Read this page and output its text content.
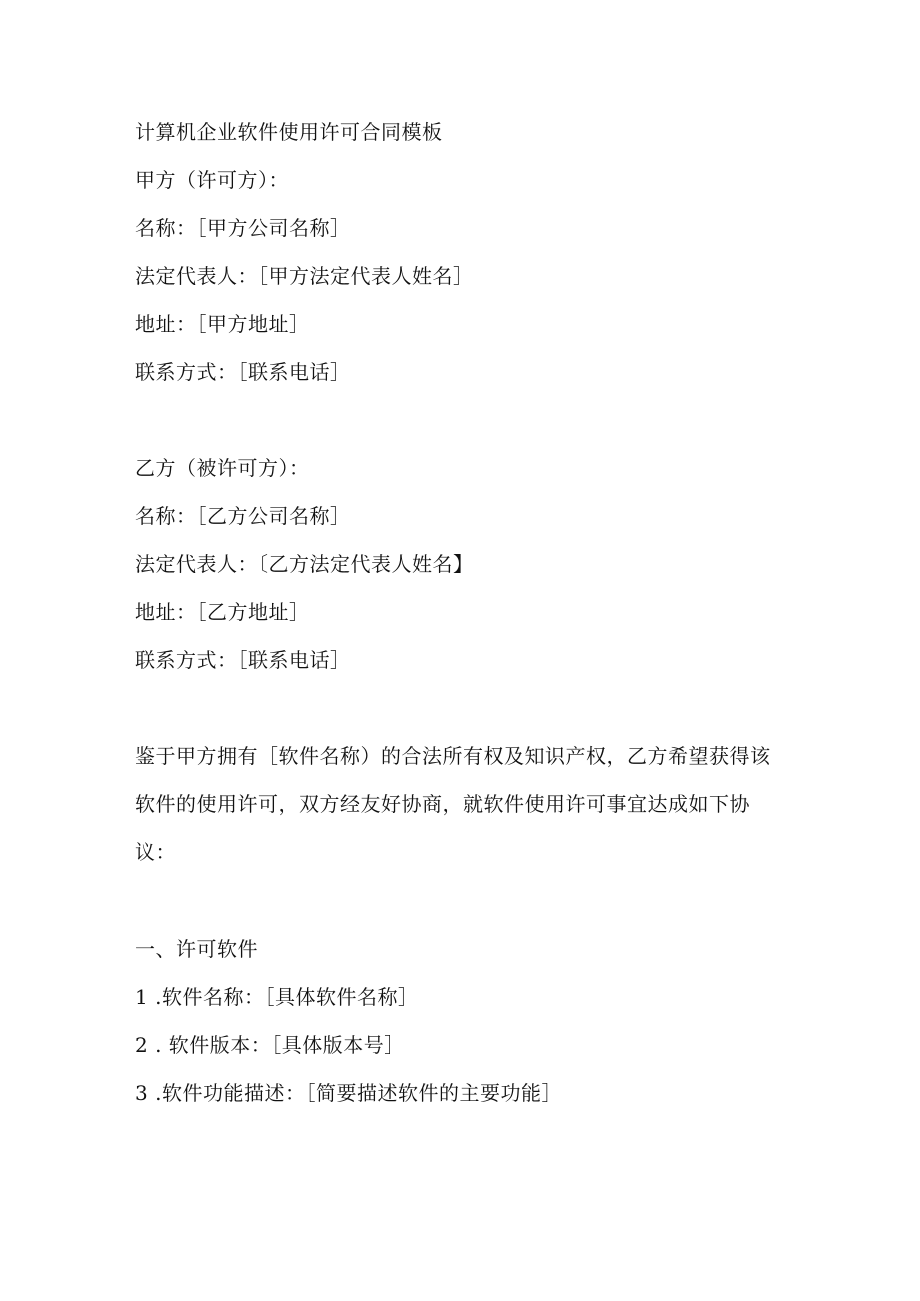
计算机企业软件使用许可合同模板
甲方（许可方）：
名称：［甲方公司名称］
法定代表人：［甲方法定代表人姓名］
地址：［甲方地址］
联系方式：［联系电话］
乙方（被许可方）：
名称：［乙方公司名称］
法定代表人：〔乙方法定代表人姓名】
地址：［乙方地址］
联系方式：［联系电话］
鉴于甲方拥有［软件名称）的合法所有权及知识产权，乙方希望获得该
软件的使用许可，双方经友好协商，就软件使用许可事宜达成如下协
议：
一、许可软件
1 .软件名称：［具体软件名称］
2 . 软件版本：［具体版本号］
3 .软件功能描述：［简要描述软件的主要功能］
